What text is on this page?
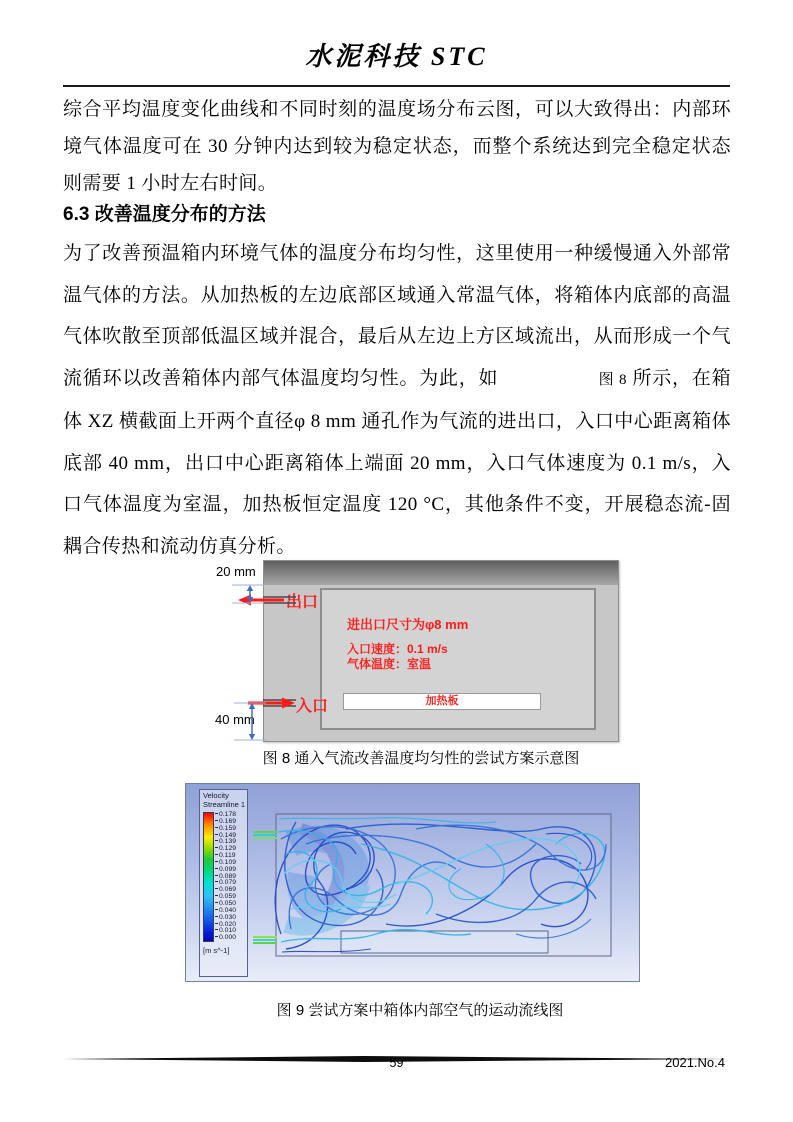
水泥科技 STC
综合平均温度变化曲线和不同时刻的温度场分布云图，可以大致得出：内部环境气体温度可在 30 分钟内达到较为稳定状态，而整个系统达到完全稳定状态则需要 1 小时左右时间。
6.3 改善温度分布的方法
为了改善预温箱内环境气体的温度分布均匀性，这里使用一种缓慢通入外部常温气体的方法。从加热板的左边底部区域通入常温气体，将箱体内底部的高温气体吹散至顶部低温区域并混合，最后从左边上方区域流出，从而形成一个气流循环以改善箱体内部气体温度均匀性。为此，如	图 8 所示，在箱体 XZ 横截面上开两个直径φ 8 mm 通孔作为气流的进出口，入口中心距离箱体底部 40 mm，出口中心距离箱体上端面 20 mm，入口气体速度为 0.1 m/s，入口气体温度为室温，加热板恒定温度 120 °C，其他条件不变，开展稳态流-固耦合传热和流动仿真分析。
进出口尺寸为φ8 mm
入口速度：0.1 m/s
气体温度：室温
加热板
出口
入口
20 mm
40 mm
图 8 通入气流改善温度均匀性的尝试方案示意图
Velocity
Streamline 1
0.178
0.169
0.159
0.149
0.139
0.129
0.119
0.109
0.099
0.089
0.079
0.069
0.059
0.050
0.040
0.030
0.020
0.010
0.000
[m s^-1]
图 9 尝试方案中箱体内部空气的运动流线图
59	2021.No.4
